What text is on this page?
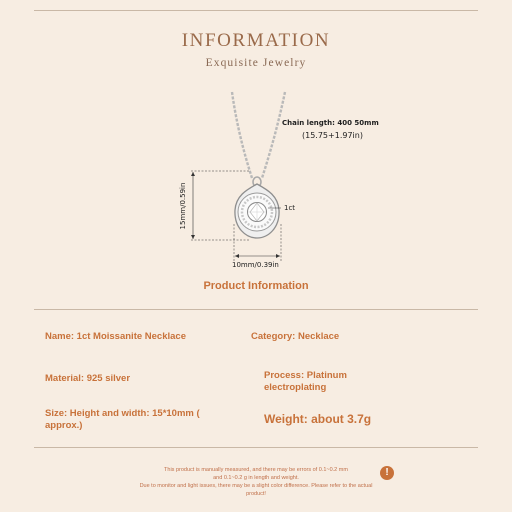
INFORMATION
Exquisite Jewelry
Chain length: 400 50mm
(15.75+1.97in)
15mm/0.59in
10mm/0.39in
1ct
Product Information
Name: 1ct Moissanite Necklace	Category: Necklace
Material: 925 silver	Process: Platinum
electroplating
Size: Height and width: 15*10mm (
approx.)	Weight: about 3.7g
This product is manually measured, and there may be errors of 0.1~0.2 mm
and 0.1~0.2 g in length and weight.
Due to monitor and light issues, there may be a slight color difference. Please refer to the actual
product!
!
